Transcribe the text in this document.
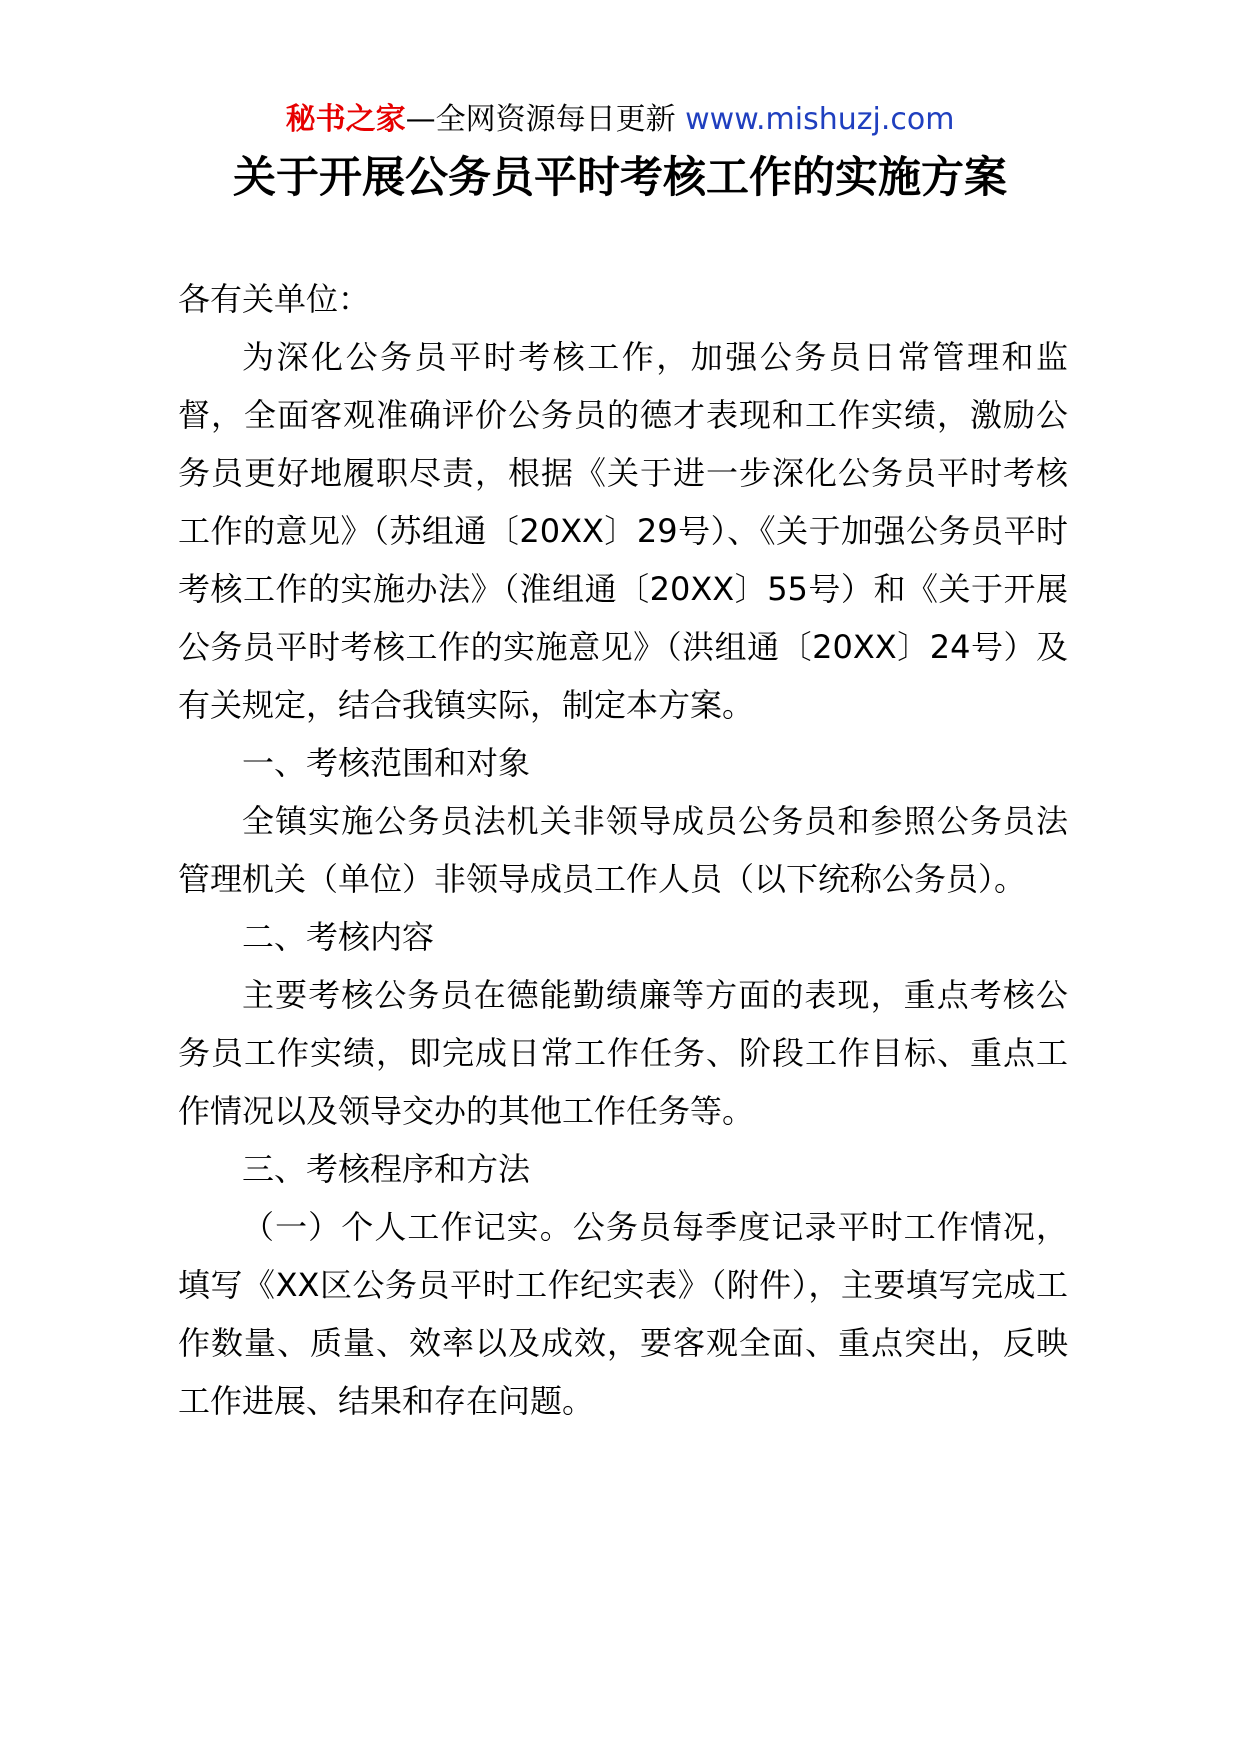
秘书之家—全网资源每日更新 www.mishuzj.com
关于开展公务员平时考核工作的实施方案

各有关单位：

为深化公务员平时考核工作，加强公务员日常管理和监督，全面客观准确评价公务员的德才表现和工作实绩，激励公务员更好地履职尽责，根据《关于进一步深化公务员平时考核工作的意见》（苏组通〔20XX〕29号）、《关于加强公务员平时考核工作的实施办法》（淮组通〔20XX〕55号）和《关于开展公务员平时考核工作的实施意见》（洪组通〔20XX〕24号）及有关规定，结合我镇实际，制定本方案。

一、考核范围和对象

全镇实施公务员法机关非领导成员公务员和参照公务员法管理机关（单位）非领导成员工作人员（以下统称公务员）。

二、考核内容

主要考核公务员在德能勤绩廉等方面的表现，重点考核公务员工作实绩，即完成日常工作任务、阶段工作目标、重点工作情况以及领导交办的其他工作任务等。

三、考核程序和方法

（一）个人工作记实。公务员每季度记录平时工作情况，填写《XX区公务员平时工作纪实表》（附件），主要填写完成工作数量、质量、效率以及成效，要客观全面、重点突出，反映工作进展、结果和存在问题。
